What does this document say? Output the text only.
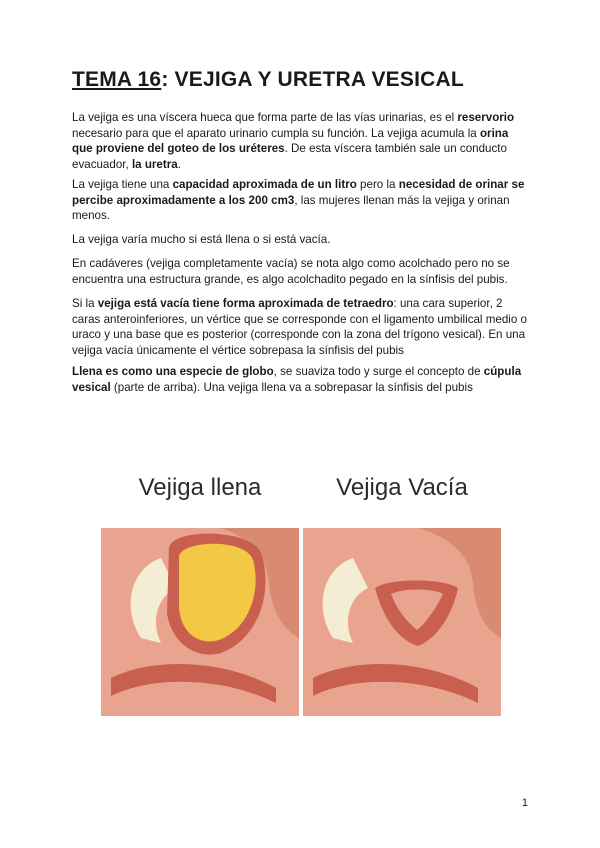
TEMA 16: VEJIGA Y URETRA VESICAL

La vejiga es una víscera hueca que forma parte de las vías urinarias, es el reservorio necesario para que el aparato urinario cumpla su función. La vejiga acumula la orina que proviene del goteo de los uréteres. De esta víscera también sale un conducto evacuador, la uretra.

La vejiga tiene una capacidad aproximada de un litro pero la necesidad de orinar se percibe aproximadamente a los 200 cm3, las mujeres llenan más la vejiga y orinan menos.

La vejiga varía mucho si está llena o si está vacía.

En cadáveres (vejiga completamente vacía) se nota algo como acolchado pero no se encuentra una estructura grande, es algo acolchadito pegado en la sínfisis del pubis.

Si la vejiga está vacía tiene forma aproximada de tetraedro: una cara superior, 2 caras anteroinferiores, un vértice que se corresponde con el ligamento umbilical medio o uraco y una base que es posterior (corresponde con la zona del trígono vesical). En una vejiga vacía únicamente el vértice sobrepasa la sínfisis del pubis

Llena es como una especie de globo, se suaviza todo y surge el concepto de cúpula vesical (parte de arriba). Una vejiga llena va a sobrepasar la sínfisis del pubis

Vejiga llena	Vejiga Vacía
1
